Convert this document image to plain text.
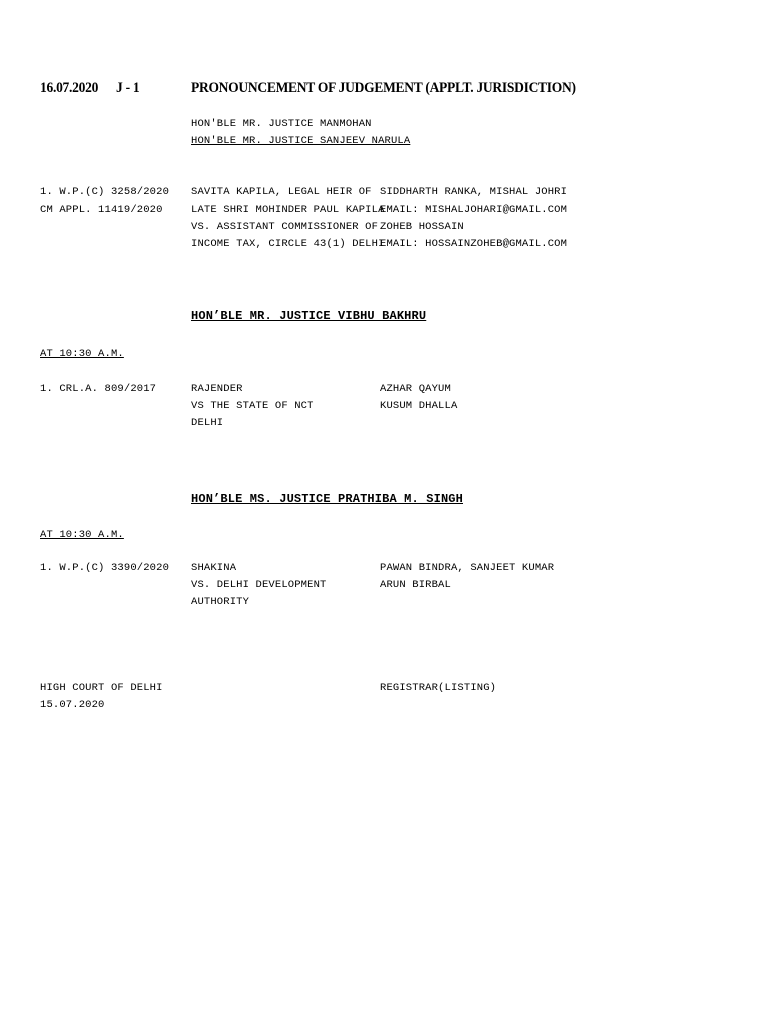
16.07.2020 J - 1	PRONOUNCEMENT OF JUDGEMENT (APPLT. JURISDICTION)
HON'BLE MR. JUSTICE MANMOHAN
HON'BLE MR. JUSTICE SANJEEV NARULA
1. W.P.(C) 3258/2020
CM APPL. 11419/2020
SAVITA KAPILA, LEGAL HEIR OF
LATE SHRI MOHINDER PAUL KAPILA
VS. ASSISTANT COMMISSIONER OF
INCOME TAX, CIRCLE 43(1) DELHI
SIDDHARTH RANKA, MISHAL JOHRI
EMAIL: MISHALJOHARI@GMAIL.COM
ZOHEB HOSSAIN
EMAIL: HOSSAINZOHEB@GMAIL.COM
HON’BLE MR. JUSTICE VIBHU BAKHRU
AT 10:30 A.M.
1. CRL.A. 809/2017	RAJENDER
VS THE STATE OF NCT
DELHI
AZHAR QAYUM
KUSUM DHALLA
HON’BLE MS. JUSTICE PRATHIBA M. SINGH
AT 10:30 A.M.
1. W.P.(C) 3390/2020 SHAKINA
VS. DELHI DEVELOPMENT
AUTHORITY
PAWAN BINDRA, SANJEET KUMAR
ARUN BIRBAL
HIGH COURT OF DELHI
15.07.2020
REGISTRAR(LISTING)
